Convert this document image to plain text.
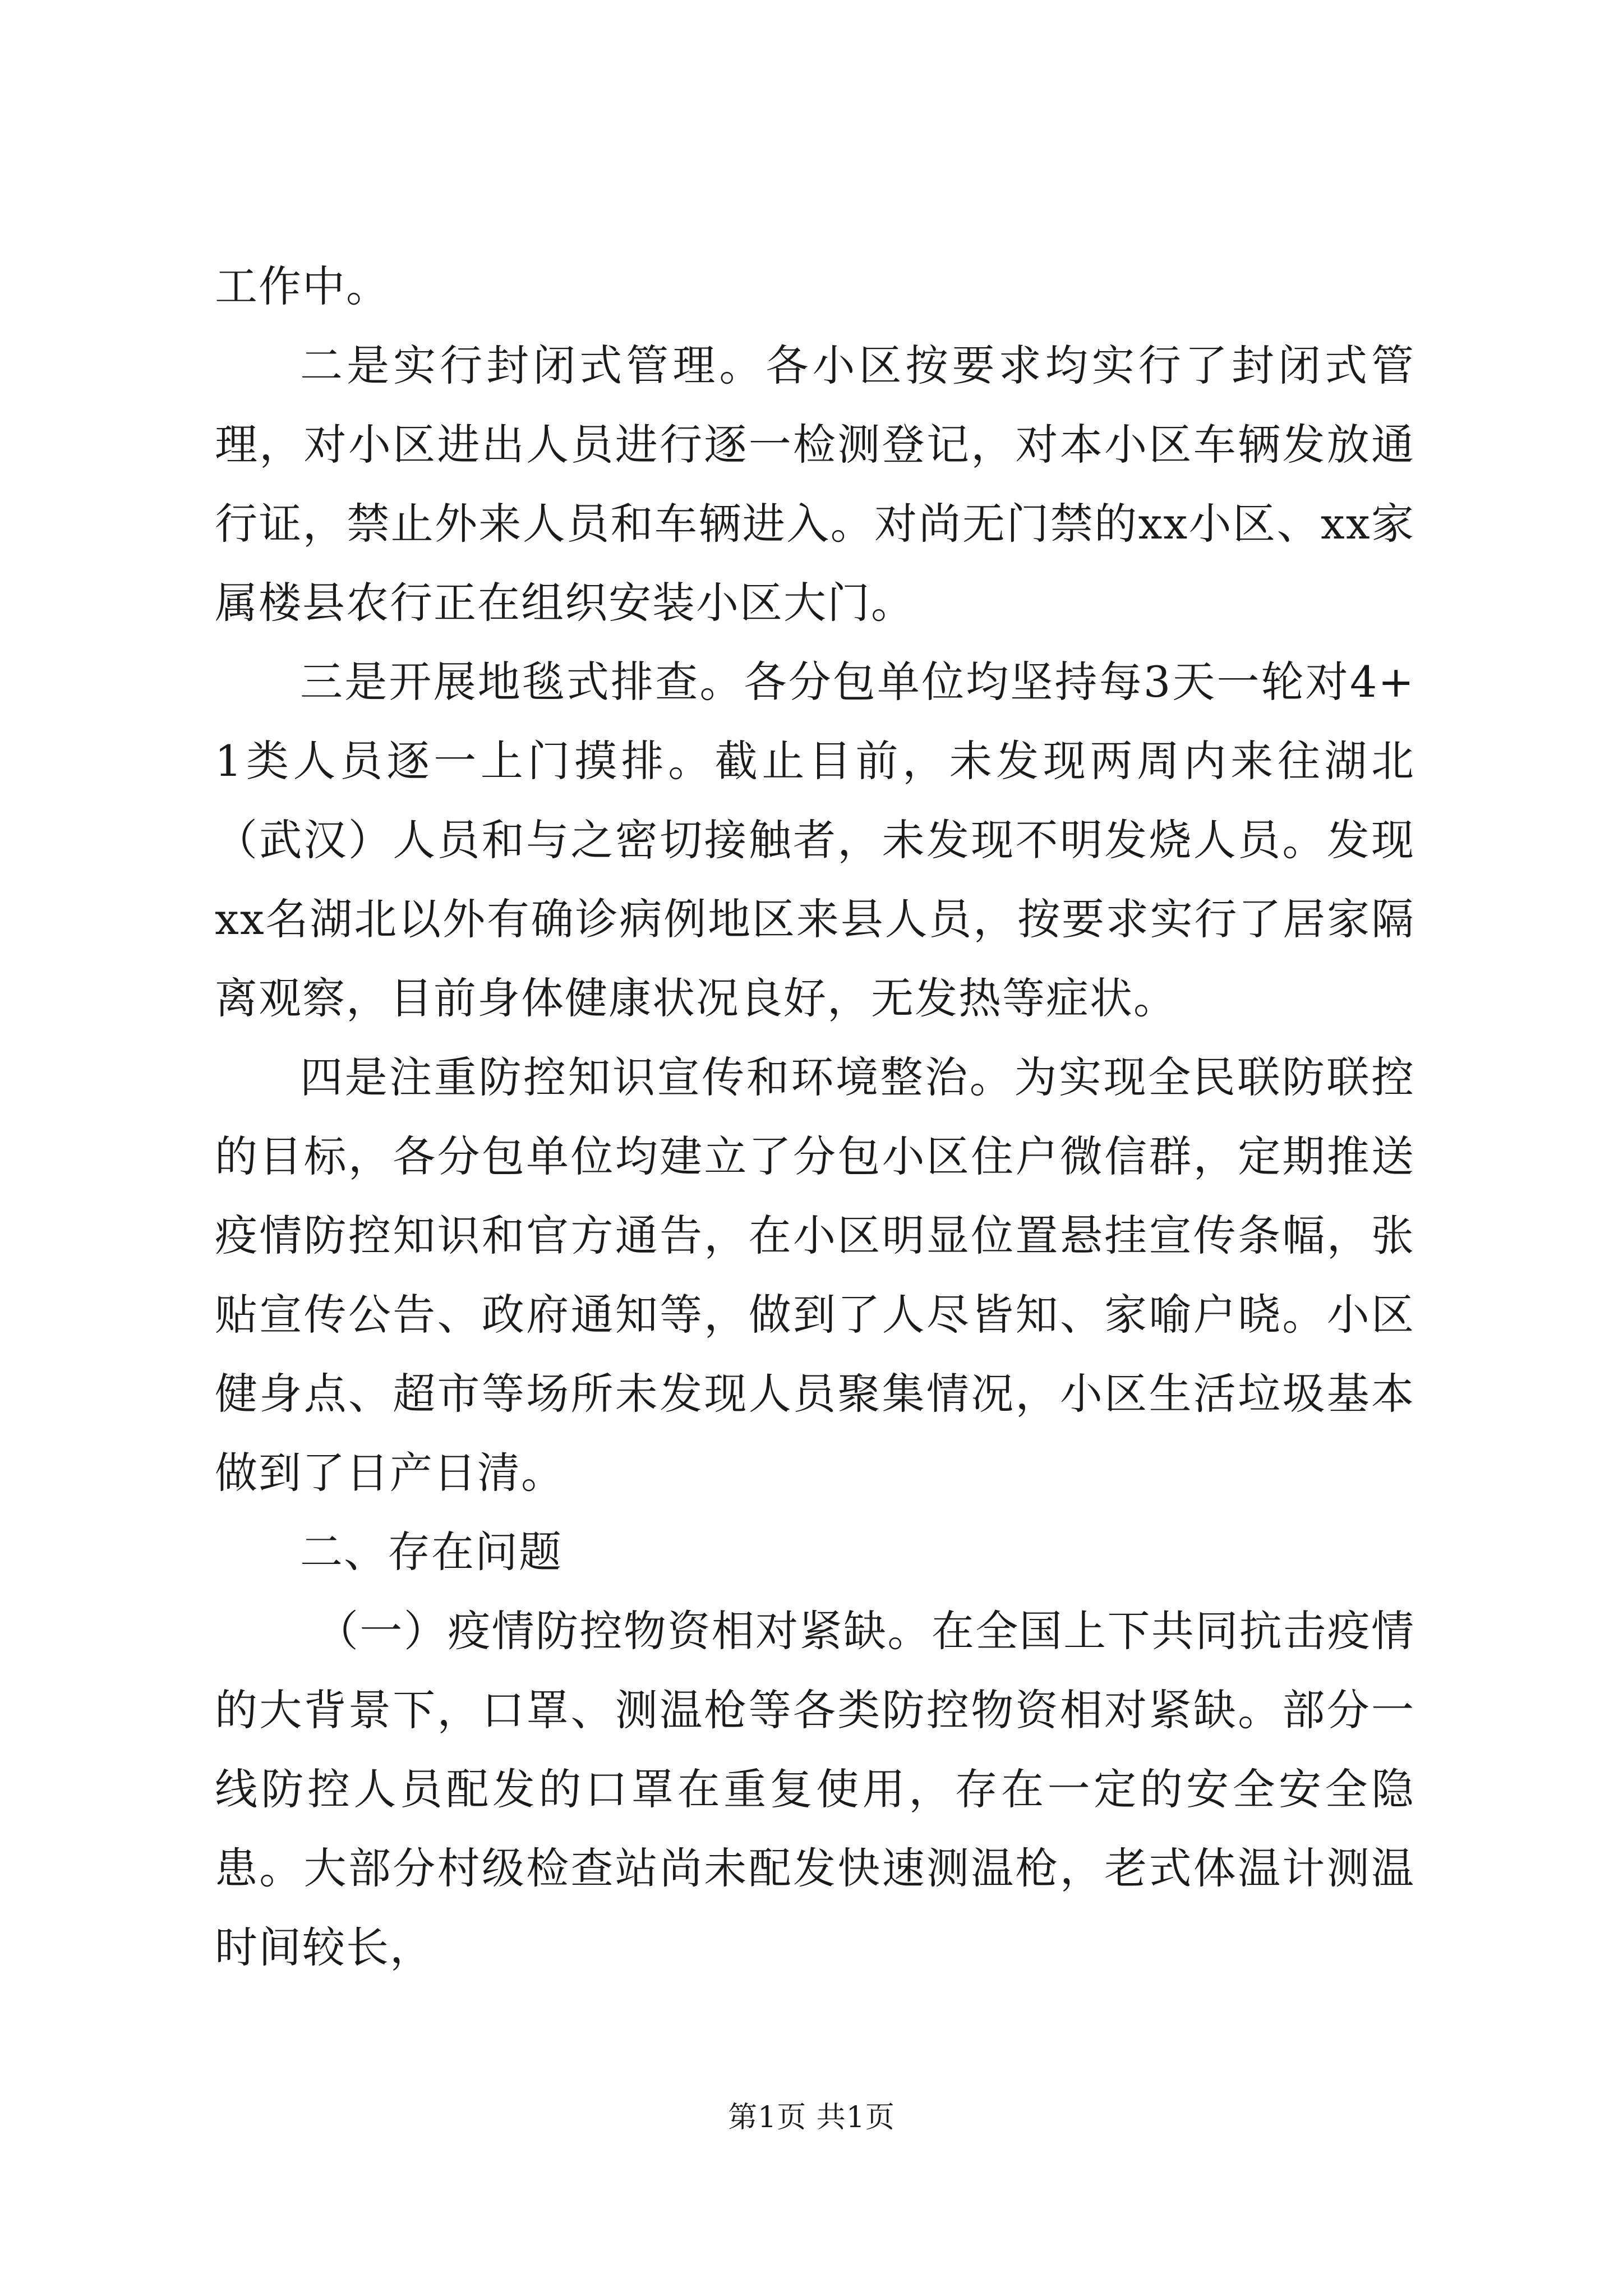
工作中。

二是实行封闭式管理。各小区按要求均实行了封闭式管理，对小区进出人员进行逐一检测登记，对本小区车辆发放通行证，禁止外来人员和车辆进入。对尚无门禁的xx小区、xx家属楼县农行正在组织安装小区大门。

三是开展地毯式排查。各分包单位均坚持每3天一轮对4+1类人员逐一上门摸排。截止目前，未发现两周内来往湖北（武汉）人员和与之密切接触者，未发现不明发烧人员。发现xx名湖北以外有确诊病例地区来县人员，按要求实行了居家隔离观察，目前身体健康状况良好，无发热等症状。

四是注重防控知识宣传和环境整治。为实现全民联防联控的目标，各分包单位均建立了分包小区住户微信群，定期推送疫情防控知识和官方通告，在小区明显位置悬挂宣传条幅，张贴宣传公告、政府通知等，做到了人尽皆知、家喻户晓。小区健身点、超市等场所未发现人员聚集情况，小区生活垃圾基本做到了日产日清。

二、存在问题

（一）疫情防控物资相对紧缺。在全国上下共同抗击疫情的大背景下，口罩、测温枪等各类防控物资相对紧缺。部分一线防控人员配发的口罩在重复使用，存在一定的安全安全隐患。大部分村级检查站尚未配发快速测温枪，老式体温计测温时间较长，

第1页 共1页
